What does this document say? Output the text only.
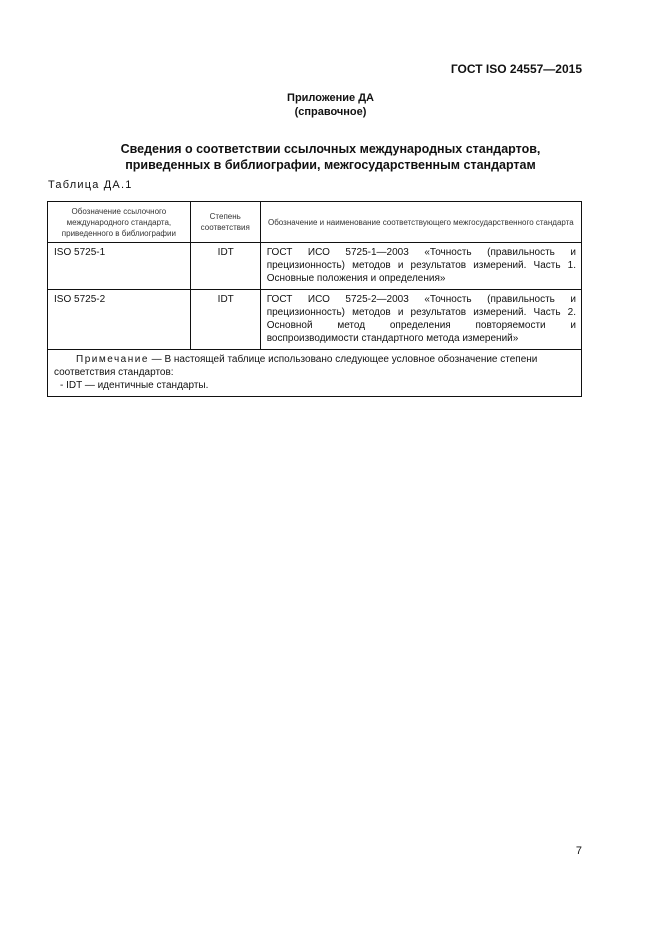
ГОСТ ISO 24557—2015
Приложение ДА
(справочное)
Сведения о соответствии ссылочных международных стандартов,
приведенных в библиографии, межгосударственным стандартам
Таблица ДА.1
Обозначение ссылочного международного стандарта, приведенного в библиографии	Степень соответствия	Обозначение и наименование соответствующего межгосударственного стандарта
ISO 5725-1	IDT	ГОСТ ИСО 5725-1—2003 «Точность (правильность и прецизионность) методов и результатов измерений. Часть 1. Основные положения и определения»
ISO 5725-2	IDT	ГОСТ ИСО 5725-2—2003 «Точность (правильность и прецизионность) методов и результатов измерений. Часть 2. Основной метод определения повторяемости и воспроизводимости стандартного метода измерений»

Примечание — В настоящей таблице использовано следующее условное обозначение степени соответствия стандартов:
- IDT — идентичные стандарты.		
7
